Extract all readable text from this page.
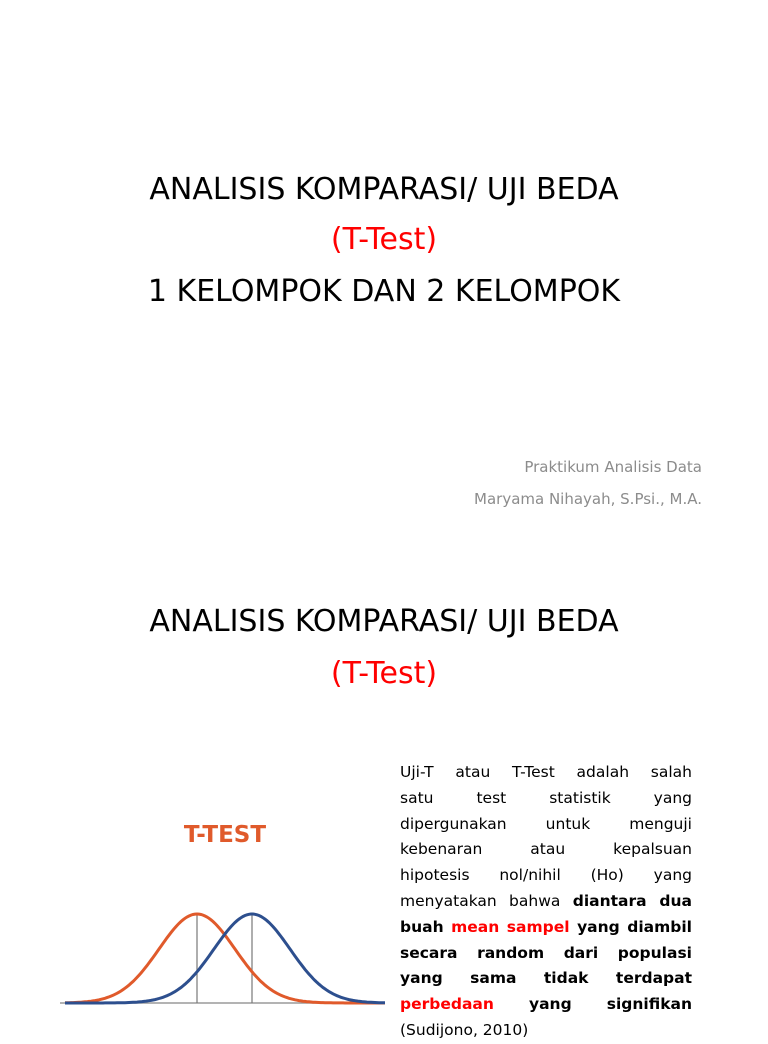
ANALISIS KOMPARASI/ UJI BEDA
(T-Test)
1 KELOMPOK DAN 2 KELOMPOK
Praktikum Analisis Data
Maryama Nihayah, S.Psi., M.A.
ANALISIS KOMPARASI/ UJI BEDA
(T-Test)
T-TEST
Uji-T atau T-Test adalah salah
satu test statistik yang
dipergunakan untuk menguji
kebenaran atau kepalsuan
hipotesis nol/nihil (Ho) yang
menyatakan bahwa diantara dua
buah mean sampel yang diambil
secara random dari populasi
yang sama tidak terdapat
perbedaan yang signifikan
(Sudijono, 2010)
